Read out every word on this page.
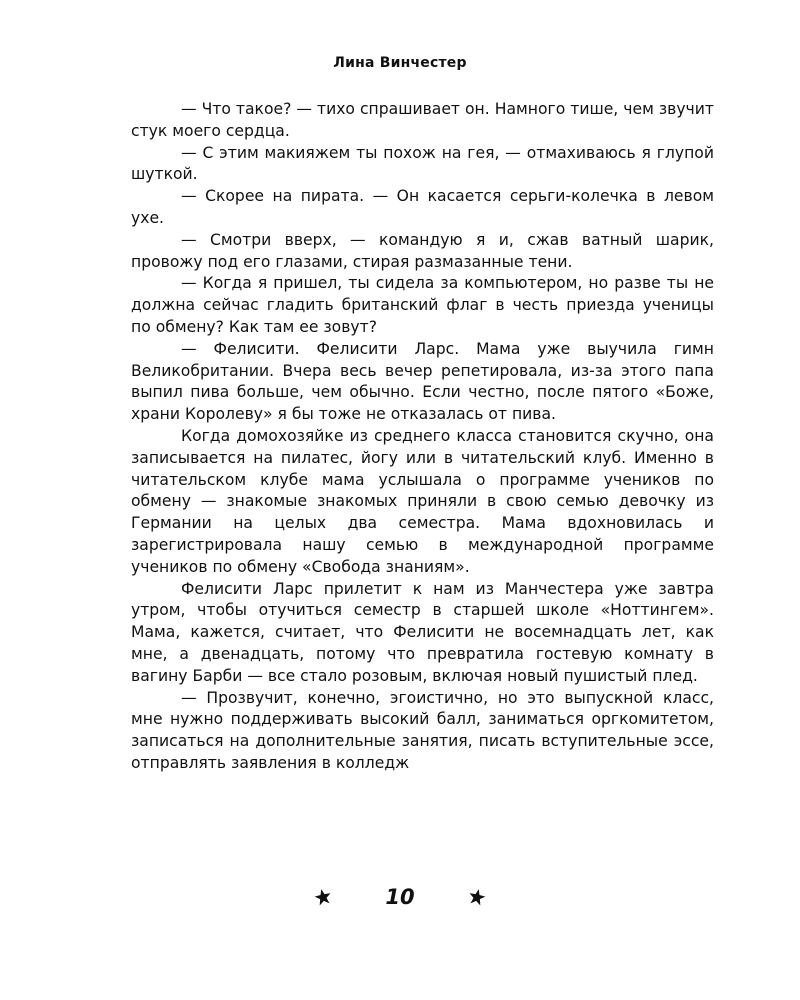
Лина Винчестер

— Что такое? — тихо спрашивает он. Намного тише, чем звучит стук моего сердца.

— С этим макияжем ты похож на гея, — отмахиваюсь я глупой шуткой.

— Скорее на пирата. — Он касается серьги-колечка в левом ухе.

— Смотри вверх, — командую я и, сжав ватный шарик, провожу под его глазами, стирая размазанные тени.

— Когда я пришел, ты сидела за компьютером, но разве ты не должна сейчас гладить британский флаг в честь приезда ученицы по обмену? Как там ее зовут?

— Фелисити. Фелисити Ларс. Мама уже выучила гимн Великобритании. Вчера весь вечер репетировала, из-за этого папа выпил пива больше, чем обычно. Если честно, после пятого «Боже, храни Королеву» я бы тоже не отказалась от пива.

Когда домохозяйке из среднего класса становится скучно, она записывается на пилатес, йогу или в читательский клуб. Именно в читательском клубе мама услышала о программе учеников по обмену — знакомые знакомых приняли в свою семью девочку из Германии на целых два семестра. Мама вдохновилась и зарегистрировала нашу семью в международной программе учеников по обмену «Свобода знаниям».

Фелисити Ларс прилетит к нам из Манчестера уже завтра утром, чтобы отучиться семестр в старшей школе «Ноттингем». Мама, кажется, считает, что Фелисити не восемнадцать лет, как мне, а двенадцать, потому что превратила гостевую комнату в вагину Барби — все стало розовым, включая новый пушистый плед.

— Прозвучит, конечно, эгоистично, но это выпускной класс, мне нужно поддерживать высокий балл, заниматься оргкомитетом, записаться на дополнительные занятия, писать вступительные эссе, отправлять заявления в колледж

10
